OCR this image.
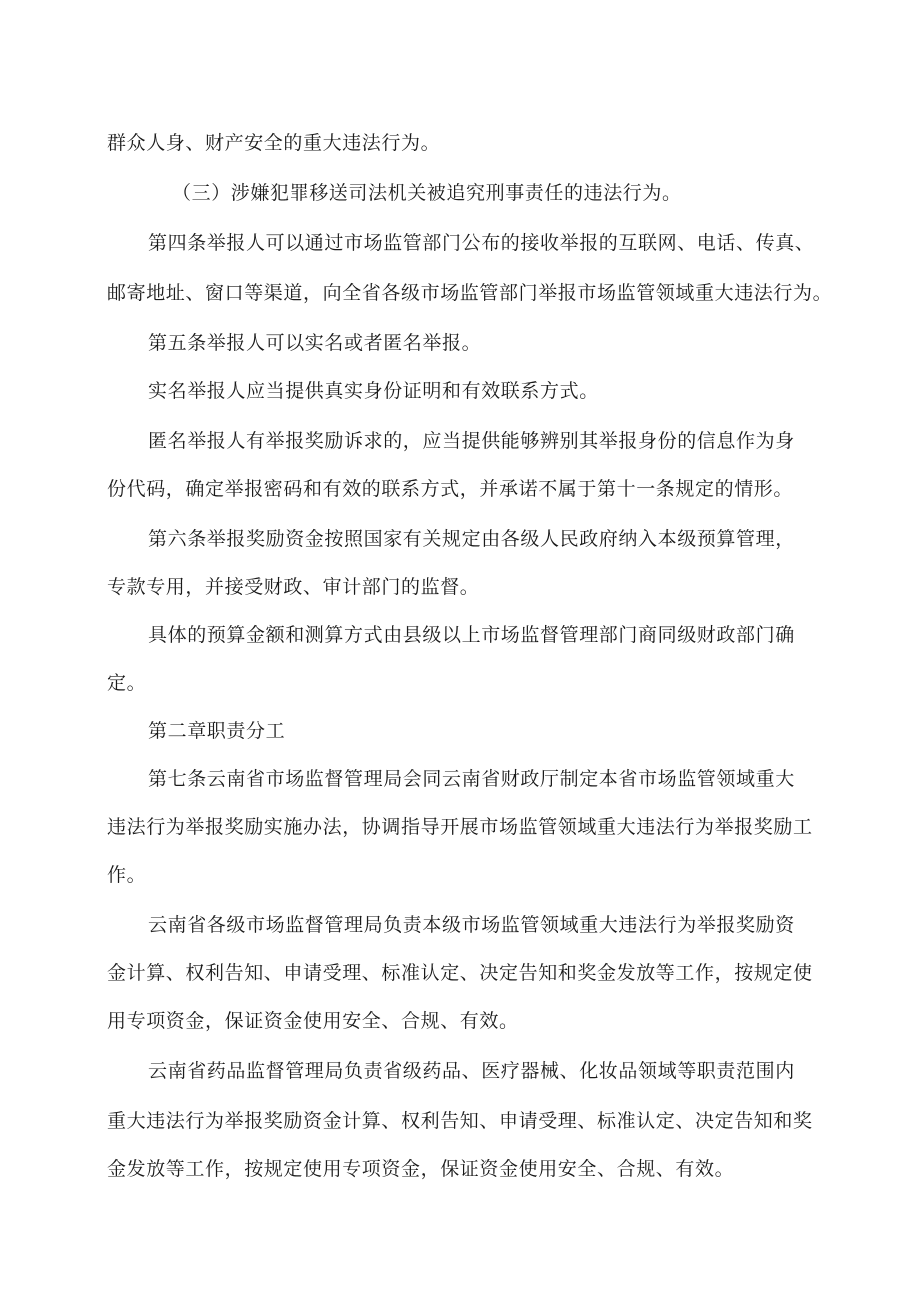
群众人身、财产安全的重大违法行为。
（三）涉嫌犯罪移送司法机关被追究刑事责任的违法行为。
第四条举报人可以通过市场监管部门公布的接收举报的互联网、电话、传真、
邮寄地址、窗口等渠道，向全省各级市场监管部门举报市场监管领域重大违法行为。
第五条举报人可以实名或者匿名举报。
实名举报人应当提供真实身份证明和有效联系方式。
匿名举报人有举报奖励诉求的，应当提供能够辨别其举报身份的信息作为身
份代码，确定举报密码和有效的联系方式，并承诺不属于第十一条规定的情形。
第六条举报奖励资金按照国家有关规定由各级人民政府纳入本级预算管理，
专款专用，并接受财政、审计部门的监督。
具体的预算金额和测算方式由县级以上市场监督管理部门商同级财政部门确
定。
第二章职责分工
第七条云南省市场监督管理局会同云南省财政厅制定本省市场监管领域重大
违法行为举报奖励实施办法，协调指导开展市场监管领域重大违法行为举报奖励工
作。
云南省各级市场监督管理局负责本级市场监管领域重大违法行为举报奖励资
金计算、权利告知、申请受理、标准认定、决定告知和奖金发放等工作，按规定使
用专项资金，保证资金使用安全、合规、有效。
云南省药品监督管理局负责省级药品、医疗器械、化妆品领域等职责范围内
重大违法行为举报奖励资金计算、权利告知、申请受理、标准认定、决定告知和奖
金发放等工作，按规定使用专项资金，保证资金使用安全、合规、有效。
